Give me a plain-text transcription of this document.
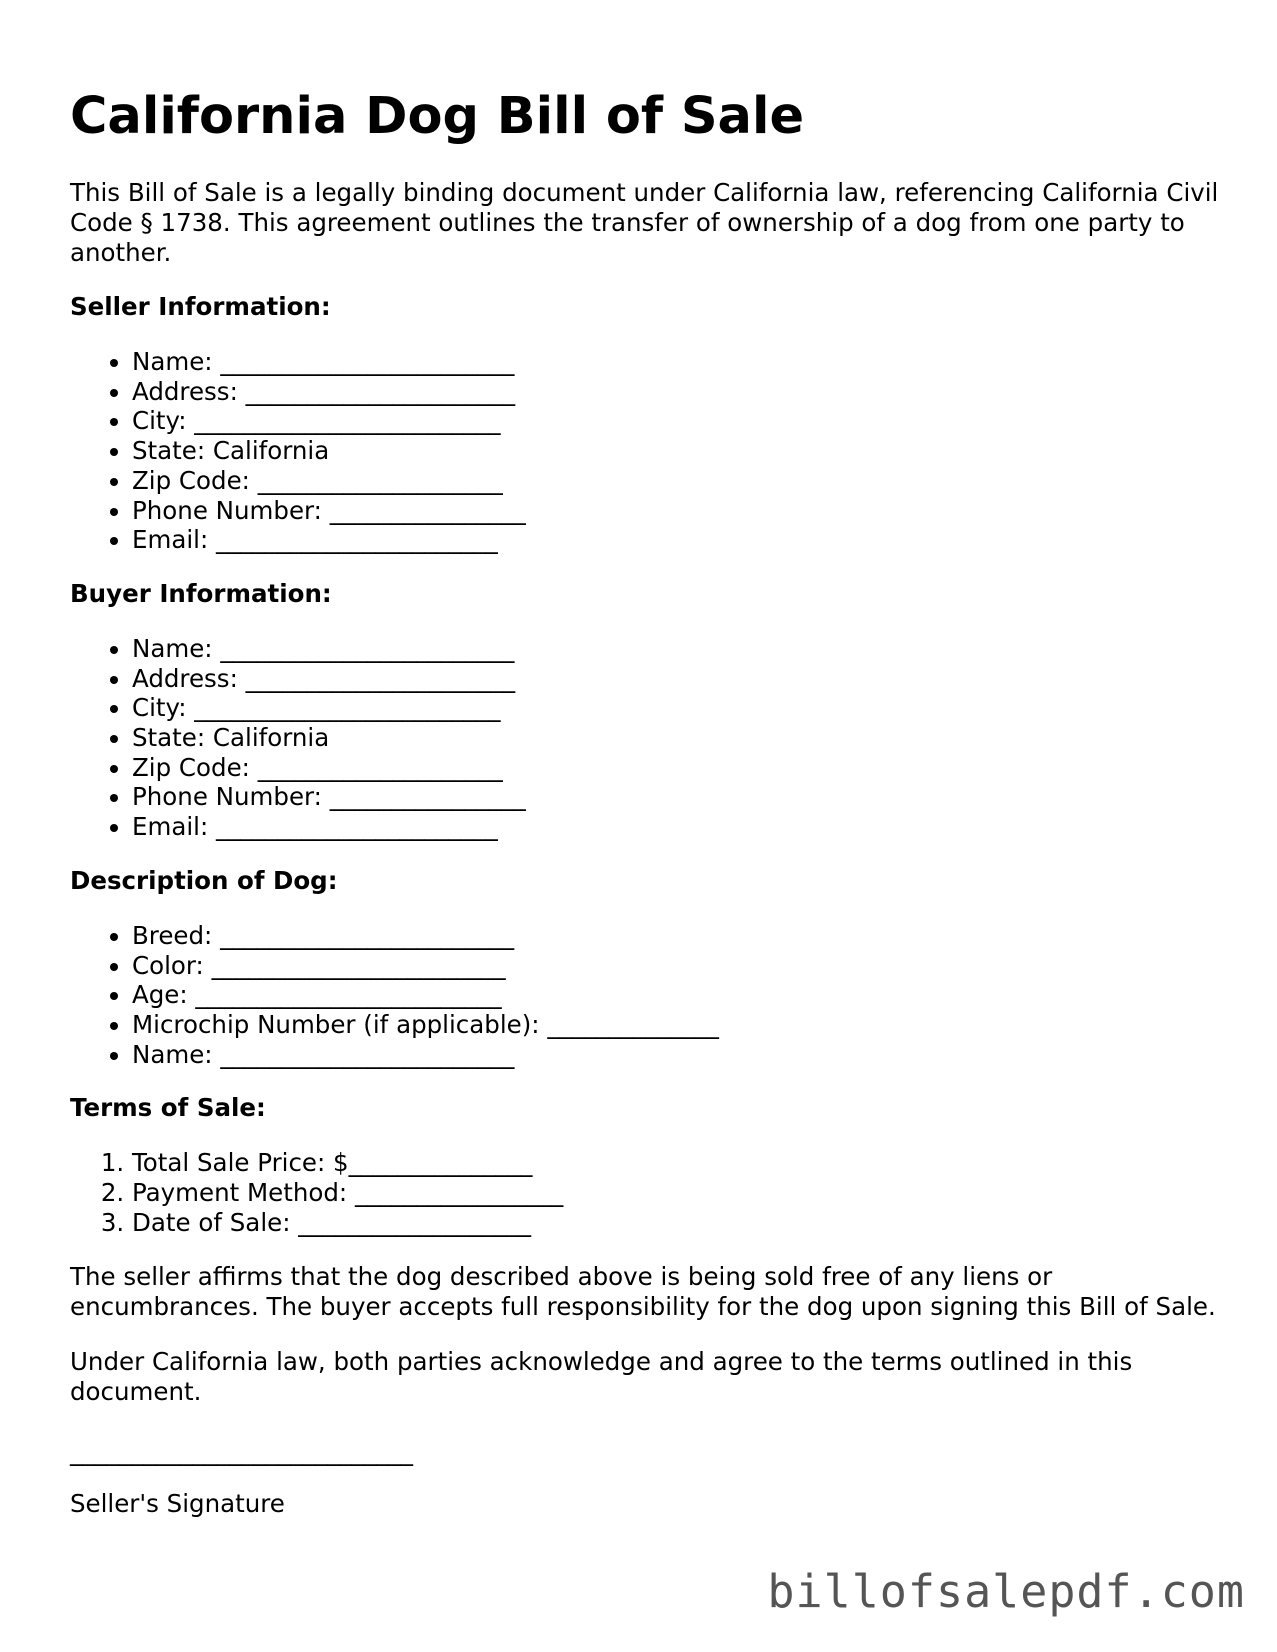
California Dog Bill of Sale

This Bill of Sale is a legally binding document under California law, referencing California Civil Code § 1738. This agreement outlines the transfer of ownership of a dog from one party to another.

Seller Information:
• Name: ________________________
• Address: ______________________
• City: _________________________
• State: California
• Zip Code: ____________________
• Phone Number: ________________
• Email: _______________________
Buyer Information:
• Name: ________________________
• Address: ______________________
• City: _________________________
• State: California
• Zip Code: ____________________
• Phone Number: ________________
• Email: _______________________
Description of Dog:
• Breed: ________________________
• Color: ________________________
• Age: _________________________
• Microchip Number (if applicable): ______________
• Name: ________________________
Terms of Sale:
1. Total Sale Price: $_______________
2. Payment Method: _________________
3. Date of Sale: ___________________

The seller affirms that the dog described above is being sold free of any liens or encumbrances. The buyer accepts full responsibility for the dog upon signing this Bill of Sale.

Under California law, both parties acknowledge and agree to the terms outlined in this document.

____________________________

Seller's Signature

billofsalepdf.com
